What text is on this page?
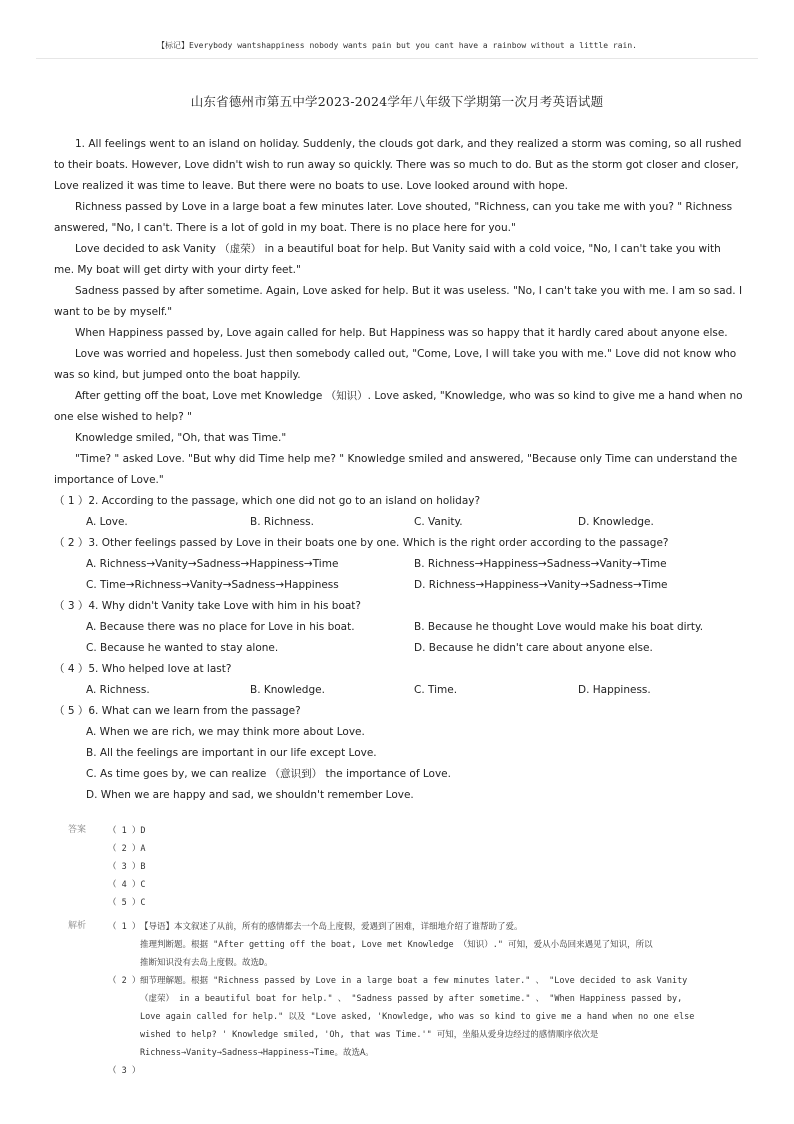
【标记】Everybody wantshappiness nobody wants pain but you cant have a rainbow without a little rain.
山东省德州市第五中学2023-2024学年八年级下学期第一次月考英语试题

1. All feelings went to an island on holiday. Suddenly, the clouds got dark, and they realized a storm was coming, so all rushed to their boats. However, Love didn't wish to run away so quickly. There was so much to do. But as the storm got closer and closer, Love realized it was time to leave. But there were no boats to use. Love looked around with hope.

Richness passed by Love in a large boat a few minutes later. Love shouted, "Richness, can you take me with you? " Richness answered, "No, I can't. There is a lot of gold in my boat. There is no place here for you."

Love decided to ask Vanity （虚荣） in a beautiful boat for help. But Vanity said with a cold voice, "No, I can't take you with me. My boat will get dirty with your dirty feet."

Sadness passed by after sometime. Again, Love asked for help. But it was useless. "No, I can't take you with me. I am so sad. I want to be by myself."

When Happiness passed by, Love again called for help. But Happiness was so happy that it hardly cared about anyone else.

Love was worried and hopeless. Just then somebody called out, "Come, Love, I will take you with me." Love did not know who was so kind, but jumped onto the boat happily.

After getting off the boat, Love met Knowledge （知识）. Love asked, "Knowledge, who was so kind to give me a hand when no one else wished to help? "

Knowledge smiled, "Oh, that was Time."

"Time? " asked Love. "But why did Time help me? " Knowledge smiled and answered, "Because only Time can understand the importance of Love."

（ 1 ）2. According to the passage, which one did not go to an island on holiday?

A. Love.	B. Richness.	C. Vanity.	D. Knowledge.

（ 2 ）3. Other feelings passed by Love in their boats one by one. Which is the right order according to the passage?

A. Richness→Vanity→Sadness→Happiness→Time	B. Richness→Happiness→Sadness→Vanity→Time
C. Time→Richness→Vanity→Sadness→Happiness	D. Richness→Happiness→Vanity→Sadness→Time

（ 3 ）4. Why didn't Vanity take Love with him in his boat?

A. Because there was no place for Love in his boat.	B. Because he thought Love would make his boat dirty.
C. Because he wanted to stay alone.	D. Because he didn't care about anyone else.

（ 4 ）5. Who helped love at last?

A. Richness.	B. Knowledge.	C. Time.	D. Happiness.

（ 5 ）6. What can we learn from the passage?

A. When we are rich, we may think more about Love.

B. All the feelings are important in our life except Love.

C. As time goes by, we can realize （意识到） the importance of Love.

D. When we are happy and sad, we shouldn't remember Love.

答案	（ 1 ）D
（ 2 ）A
（ 3 ）B
（ 4 ）C
（ 5 ）C
解析	（ 1 ） 【导语】本文叙述了从前，所有的感情都去一个岛上度假，爱遇到了困难，详细地介绍了谁帮助了爱。
推理判断题。根据 "After getting off the boat, Love met Knowledge （知识）." 可知，爱从小岛回来遇见了知识，所以
推断知识没有去岛上度假。故选D。
（ 2 ） 细节理解题。根据 "Richness passed by Love in a large boat a few minutes later." 、 "Love decided to ask Vanity
（虚荣） in a beautiful boat for help." 、 "Sadness passed by after sometime." 、 "When Happiness passed by,
Love again called for help." 以及 "Love asked, 'Knowledge, who was so kind to give me a hand when no one else
wished to help? ' Knowledge smiled, 'Oh, that was Time.'" 可知，坐船从爱身边经过的感情顺序依次是
Richness→Vanity→Sadness→Happiness→Time。故选A。
（ 3 ）
